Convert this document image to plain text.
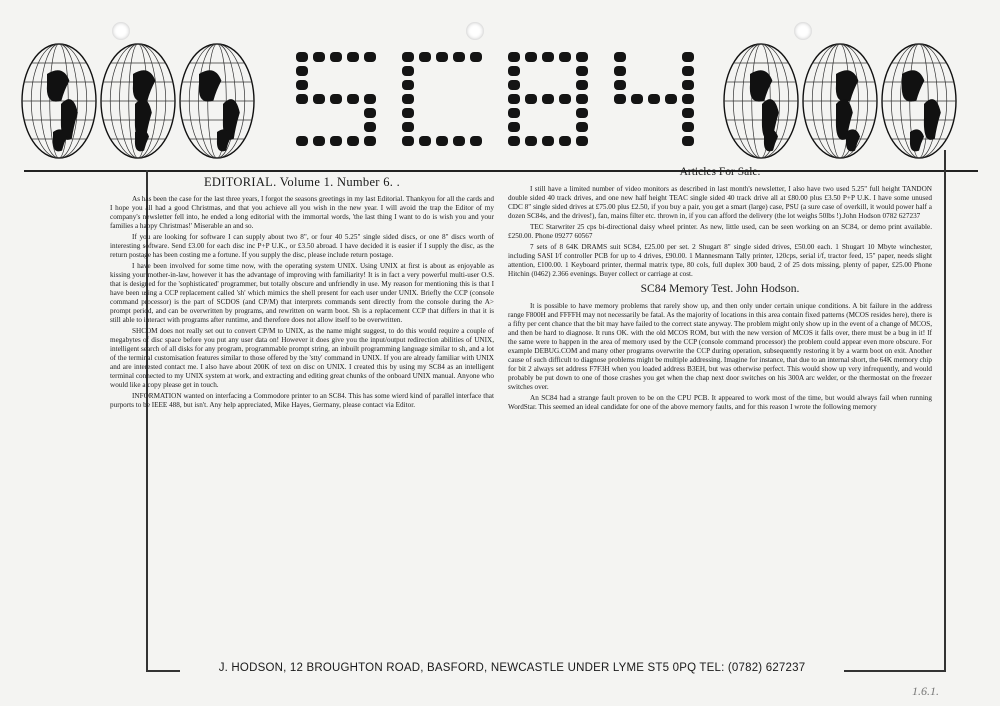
EDITORIAL. Volume 1. Number 6. .

As has been the case for the last three years, I forgot the seasons greetings in my last Editorial. Thankyou for all the cards and I hope you all had a good Christmas, and that you achieve all you wish in the new year. I will avoid the trap the Editor of my company's newsletter fell into, he ended a long editorial with the immortal words, 'the last thing I want to do is wish you and your families a happy Christmas!' Miserable an and so.

If you are looking for software I can supply about two 8", or four 40 5.25" single sided discs, or one 8" discs worth of interesting software. Send £3.00 for each disc inc P+P U.K., or £3.50 abroad. I have decided it is easier if I supply the disc, as the return postage has been costing me a fortune. If you supply the disc, please include return postage.

I have been involved for some time now, with the operating system UNIX. Using UNIX at first is about as enjoyable as kissing your mother-in-law, however it has the advantage of improving with familiarity! It is in fact a very powerful multi-user O.S. that is designed for the 'sophisticated' programmer, but totally obscure and unfriendly in use. My reason for mentioning this is that I have been using a CCP replacement called 'sh' which mimics the shell present for each user under UNIX. Briefly the CCP (console command processor) is the part of SCDOS (and CP/M) that interprets commands sent directly from the console during the A> prompt period, and can be overwritten by programs, and rewritten on warm boot. Sh is a replacement CCP that differs in that it is still able to interact with programs after runtime, and therefore does not allow itself to be overwritten.

SHCOM does not really set out to convert CP/M to UNIX, as the name might suggest, to do this would require a couple of megabytes of disc space before you put any user data on! However it does give you the input/output redirection abilities of UNIX, intelligent search of all disks for any program, programmable prompt string, an inbuilt programming language similar to sh, and a lot of the terminal customisation features similar to those offered by the 'stty' command in UNIX. If you are already familiar with UNIX and are interested contact me. I also have about 200K of text on disc on UNIX. I created this by using my SC84 as an intelligent terminal connected to my UNIX system at work, and extracting and editing great chunks of the onboard UNIX manual. Anyone who would like a copy please get in touch.

INFORMATION wanted on interfacing a Commodore printer to an SC84. This has some wierd kind of parallel interface that purports to be IEEE 488, but isn't. Any help appreciated, Mike Hayes, Germany, please contact via Editor.

Articles For Sale.

I still have a limited number of video monitors as described in last month's newsletter, I also have two used 5.25" full height TANDON double sided 40 track drives, and one new half height TEAC single sided 40 track drive all at £80.00 plus £3.50 P+P U.K. I have some unused CDC 8" single sided drives at £75.00 plus £2.50, if you buy a pair, you get a smart (large) case, PSU (a sure case of overkill, it would power half a dozen SC84s, and the drives!), fan, mains filter etc. thrown in, if you can afford the delivery (the lot weighs 50lbs !).John Hodson 0782 627237

TEC Starwriter 25 cps bi-directional daisy wheel printer. As new, little used, can be seen working on an SC84, or demo print available. £250.00. Phone 09277 60567

7 sets of 8 64K DRAMS suit SC84, £25.00 per set. 2 Shugart 8" single sided drives, £50.00 each. 1 Shugart 10 Mbyte winchester, including SASI I/f controller PCB for up to 4 drives, £90.00. 1 Mannesmann Tally printer, 120cps, serial i/f, tractor feed, 15" paper, needs slight attention, £100.00. 1 Keyboard printer, thermal matrix type, 80 cols, full duplex 300 baud, 2 of 25 dots missing, plenty of paper, £25.00 Phone Hitchin (0462) 2.366 evenings. Buyer collect or carriage at cost.

SC84 Memory Test. John Hodson.

It is possible to have memory problems that rarely show up, and then only under certain unique conditions. A bit failure in the address range F800H and FFFFH may not necessarily be fatal. As the majority of locations in this area contain fixed patterns (MCOS resides here), there is a fifty per cent chance that the bit may have failed to the correct state anyway. The problem might only show up in the event of a change of MCOS, and then be hard to diagnose. It runs OK. with the old MCOS ROM, but with the new version of MCOS it falls over, there must be a bug in it! If the same were to happen in the area of memory used by the CCP (console command processor) the problem could appear even more obscure. For example DEBUG.COM and many other programs overwrite the CCP during operation, subsequently restoring it by a warm boot on exit. Another cause of such difficult to diagnose problems might be multiple addressing. Imagine for instance, that due to an internal short, the 64K memory chip for bit 2 always set address F7F3H when you loaded address B3EH, but was otherwise perfect. This would show up very infrequently, and would probably be put down to one of those crashes you get when the chap next door switches on his 300A arc welder, or the thermostat on the freezer switches over.

An SC84 had a strange fault proven to be on the CPU PCB. It appeared to work most of the time, but would always fail when running WordStar. This seemed an ideal candidate for one of the above memory faults, and for this reason I wrote the following memory

J. HODSON, 12 BROUGHTON ROAD, BASFORD, NEWCASTLE UNDER LYME ST5 0PQ TEL: (0782) 627237
1.6.1.
